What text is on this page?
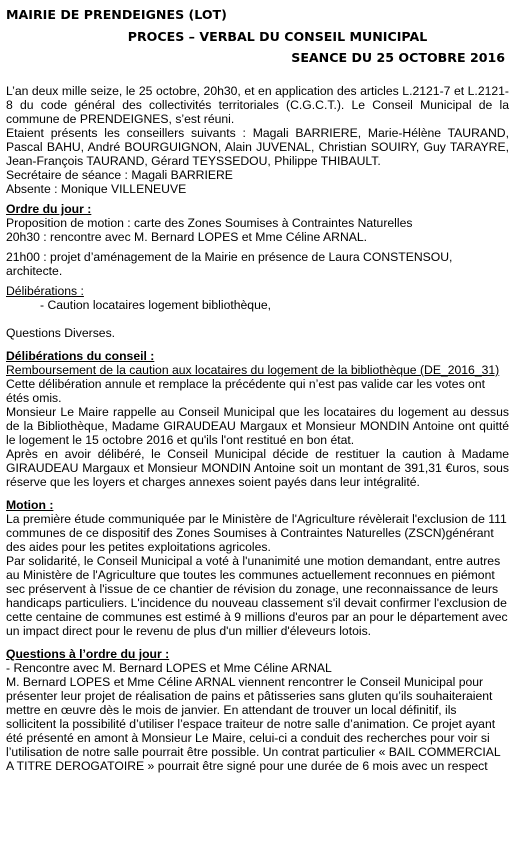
MAIRIE DE PRENDEIGNES (LOT)
PROCES – VERBAL DU CONSEIL MUNICIPAL
SEANCE DU 25 OCTOBRE 2016

L’an deux mille seize, le 25 octobre, 20h30, et en application des articles L.2121-7 et L.2121-8 du code général des collectivités territoriales (C.G.C.T.). Le Conseil Municipal de la commune de PRENDEIGNES, s’est réuni.

Etaient présents les conseillers suivants : Magali BARRIERE, Marie-Hélène TAURAND, Pascal BAHU, André BOURGUIGNON, Alain JUVENAL, Christian SOUIRY, Guy TARAYRE, Jean-François TAURAND, Gérard TEYSSEDOU, Philippe THIBAULT.

Secrétaire de séance : Magali BARRIERE

Absente : Monique VILLENEUVE

Ordre du jour :

Proposition de motion : carte des Zones Soumises à Contraintes Naturelles

20h30 : rencontre avec M. Bernard LOPES et Mme Céline ARNAL.

21h00 : projet d’aménagement de la Mairie en présence de Laura CONSTENSOU, architecte.

Délibérations :

- Caution locataires logement bibliothèque,

Questions Diverses.

Délibérations du conseil :

Remboursement de la caution aux locataires du logement de la bibliothèque (DE_2016_31)

Cette délibération annule et remplace la précédente qui n’est pas valide car les votes ont étés omis.

Monsieur Le Maire rappelle au Conseil Municipal que les locataires du logement au dessus de la Bibliothèque, Madame GIRAUDEAU Margaux et Monsieur MONDIN Antoine ont quitté le logement le 15 octobre 2016 et qu'ils l'ont restitué en bon état.

Après en avoir délibéré, le Conseil Municipal décide de restituer la caution à Madame GIRAUDEAU Margaux et Monsieur MONDIN Antoine soit un montant de 391,31 €uros, sous réserve que les loyers et charges annexes soient payés dans leur intégralité.

Motion :

La première étude communiquée par le Ministère de l'Agriculture révèlerait l'exclusion de 111 communes de ce dispositif des Zones Soumises à Contraintes Naturelles (ZSCN)générant des aides pour les petites exploitations agricoles.

Par solidarité, le Conseil Municipal a voté à l'unanimité une motion demandant, entre autres au Ministère de l'Agriculture que toutes les communes actuellement reconnues en piémont sec préservent à l'issue de ce chantier de révision du zonage, une reconnaissance de leurs handicaps particuliers. L'incidence du nouveau classement s'il devait confirmer l'exclusion de cette centaine de communes est estimé à 9 millions d'euros par an pour le département avec un impact direct pour le revenu de plus d'un millier d'éleveurs lotois.

Questions à l’ordre du jour :

- Rencontre avec M. Bernard LOPES et Mme Céline ARNAL

M. Bernard LOPES et Mme Céline ARNAL viennent rencontrer le Conseil Municipal pour présenter leur projet de réalisation de pains et pâtisseries sans gluten qu’ils souhaiteraient mettre en œuvre dès le mois de janvier. En attendant de trouver un local définitif, ils sollicitent la possibilité d’utiliser l’espace traiteur de notre salle d’animation. Ce projet ayant été présenté en amont à Monsieur Le Maire, celui-ci a conduit des recherches pour voir si l’utilisation de notre salle pourrait être possible. Un contrat particulier « BAIL COMMERCIAL A TITRE DEROGATOIRE » pourrait être signé pour une durée de 6 mois avec un respect
